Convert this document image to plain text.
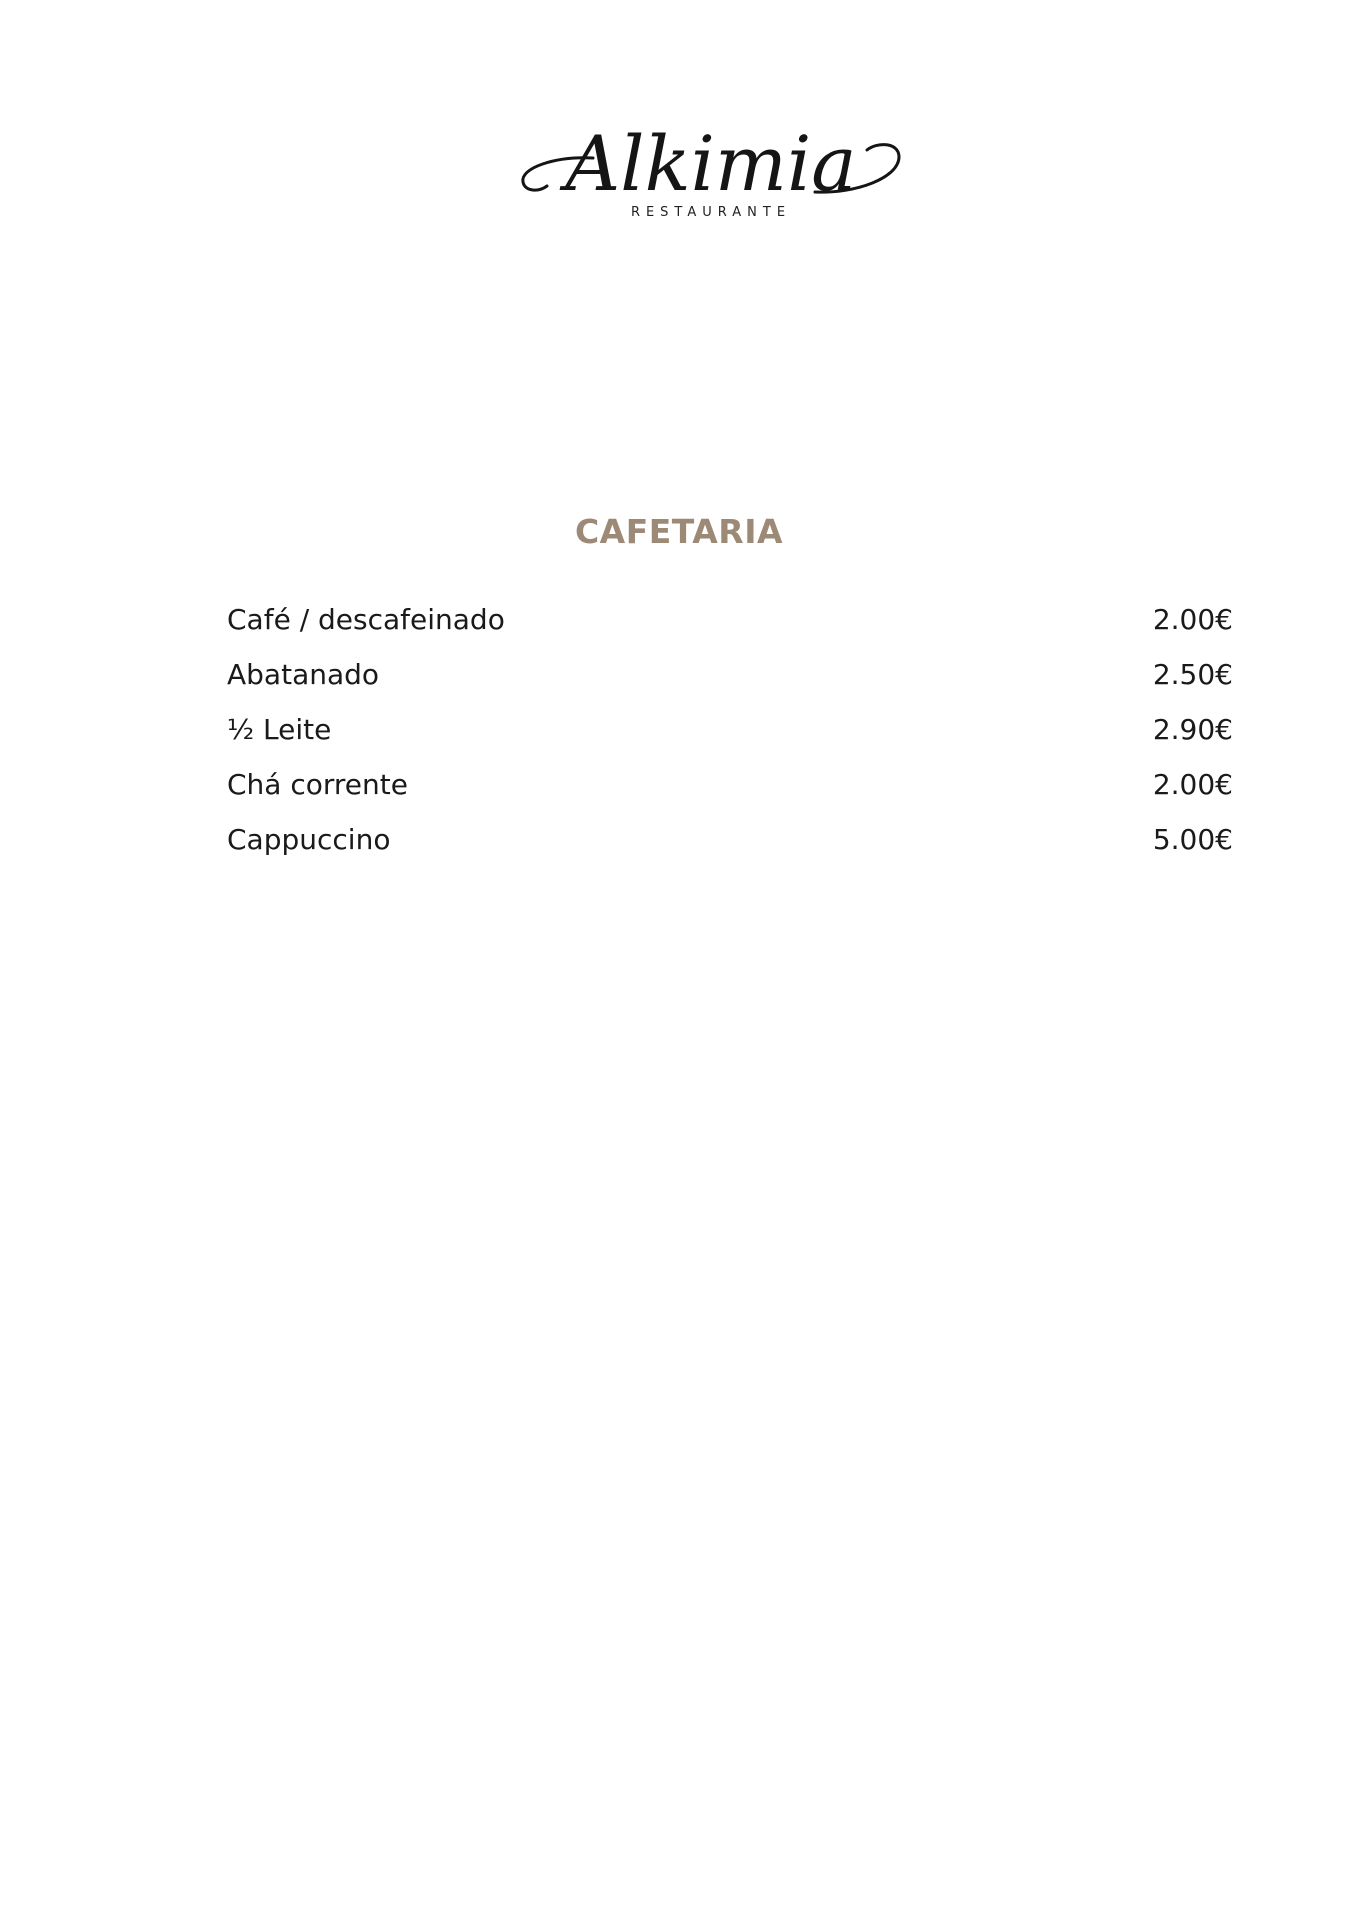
Alkimia
RESTAURANTE
CAFETARIA
Café / descafeinado	2.00€
Abatanado	2.50€
½ Leite	2.90€
Chá corrente	2.00€
Cappuccino	5.00€
